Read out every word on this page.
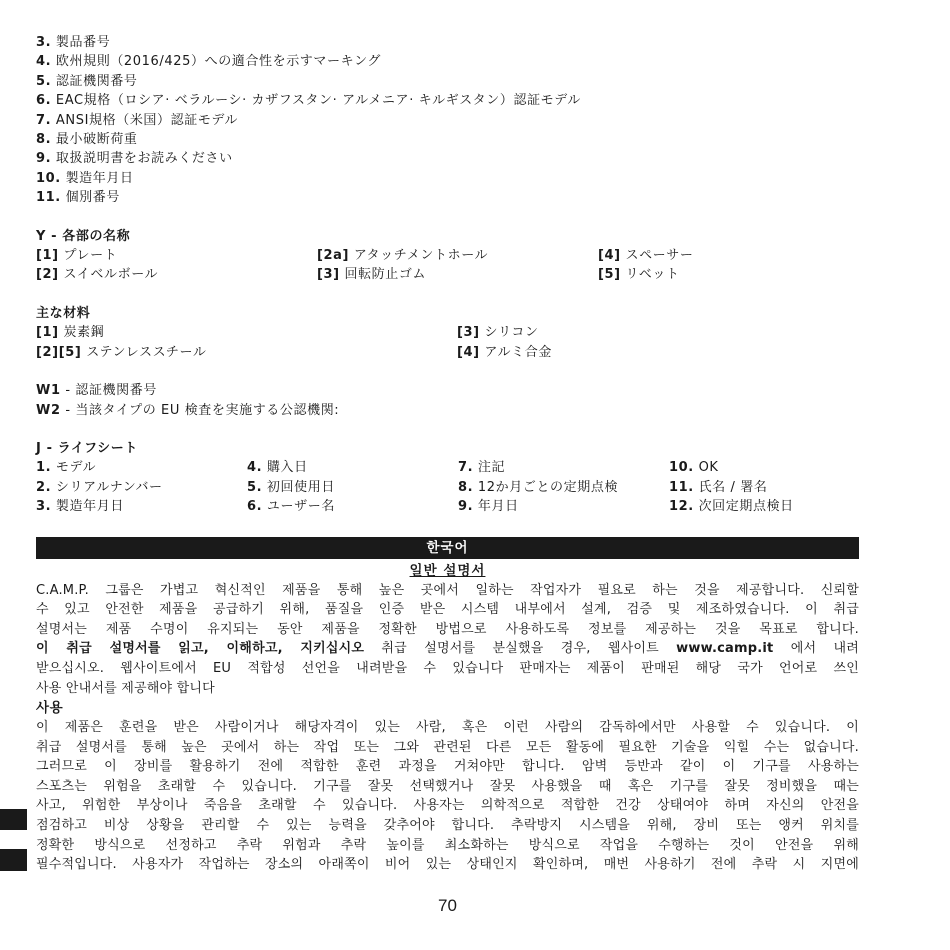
3. 製品番号
4. 欧州規則（2016/425）への適合性を示すマーキング
5. 認証機関番号
6. EAC規格（ロシア· ベラルーシ· カザフスタン· アルメニア· キルギスタン）認証モデル
7. ANSI規格（米国）認証モデル
8. 最小破断荷重
9. 取扱説明書をお読みください
10. 製造年月日
11. 個別番号
Y - 各部の名称
[1] プレート	[2a] アタッチメントホール	[4] スペーサー
[2] スイベルボール	[3] 回転防止ゴム	[5] リベット
主な材料
[1] 炭素鋼	[3] シリコン
[2][5] ステンレススチール	[4] アルミ合金
W1 - 認証機関番号
W2 - 当該タイプの EU 検査を実施する公認機関:
J - ライフシート
1. モデル	4. 購入日	7. 注記	10. OK
2. シリアルナンバー	5. 初回使用日	8. 12か月ごとの定期点検	11. 氏名 / 署名
3. 製造年月日	6. ユーザー名	9. 年月日	12. 次回定期点検日
한국어
일반 설명서
C.A.M.P. 그룹은 가볍고 혁신적인 제품을 통해 높은 곳에서 일하는 작업자가 필요로 하는 것을 제공합니다. 신뢰할
수 있고 안전한 제품을 공급하기 위해, 품질을 인증 받은 시스템 내부에서 설계, 검증 및 제조하였습니다. 이 취급
설명서는 제품 수명이 유지되는 동안 제품을 정확한 방법으로 사용하도록 정보를 제공하는 것을 목표로 합니다.
이 취급 설명서를 읽고, 이해하고, 지키십시오 취급 설명서를 분실했을 경우, 웹사이트 www.camp.it 에서 내려
받으십시오. 웹사이트에서 EU 적합성 선언을 내려받을 수 있습니다 판매자는 제품이 판매된 해당 국가 언어로 쓰인
사용 안내서를 제공해야 합니다
사용
이 제품은 훈련을 받은 사람이거나 해당자격이 있는 사람, 혹은 이런 사람의 감독하에서만 사용할 수 있습니다. 이
취급 설명서를 통해 높은 곳에서 하는 작업 또는 그와 관련된 다른 모든 활동에 필요한 기술을 익힐 수는 없습니다.
그러므로 이 장비를 활용하기 전에 적합한 훈련 과정을 거쳐야만 합니다. 암벽 등반과 같이 이 기구를 사용하는
스포츠는 위험을 초래할 수 있습니다. 기구를 잘못 선택했거나 잘못 사용했을 때 혹은 기구를 잘못 정비했을 때는
사고, 위험한 부상이나 죽음을 초래할 수 있습니다. 사용자는 의학적으로 적합한 건강 상태여야 하며 자신의 안전을
점검하고 비상 상황을 관리할 수 있는 능력을 갖추어야 합니다. 추락방지 시스템을 위해, 장비 또는 앵커 위치를
정확한 방식으로 선정하고 추락 위험과 추락 높이를 최소화하는 방식으로 작업을 수행하는 것이 안전을 위해
필수적입니다. 사용자가 작업하는 장소의 아래쪽이 비어 있는 상태인지 확인하며, 매번 사용하기 전에 추락 시 지면에
70
